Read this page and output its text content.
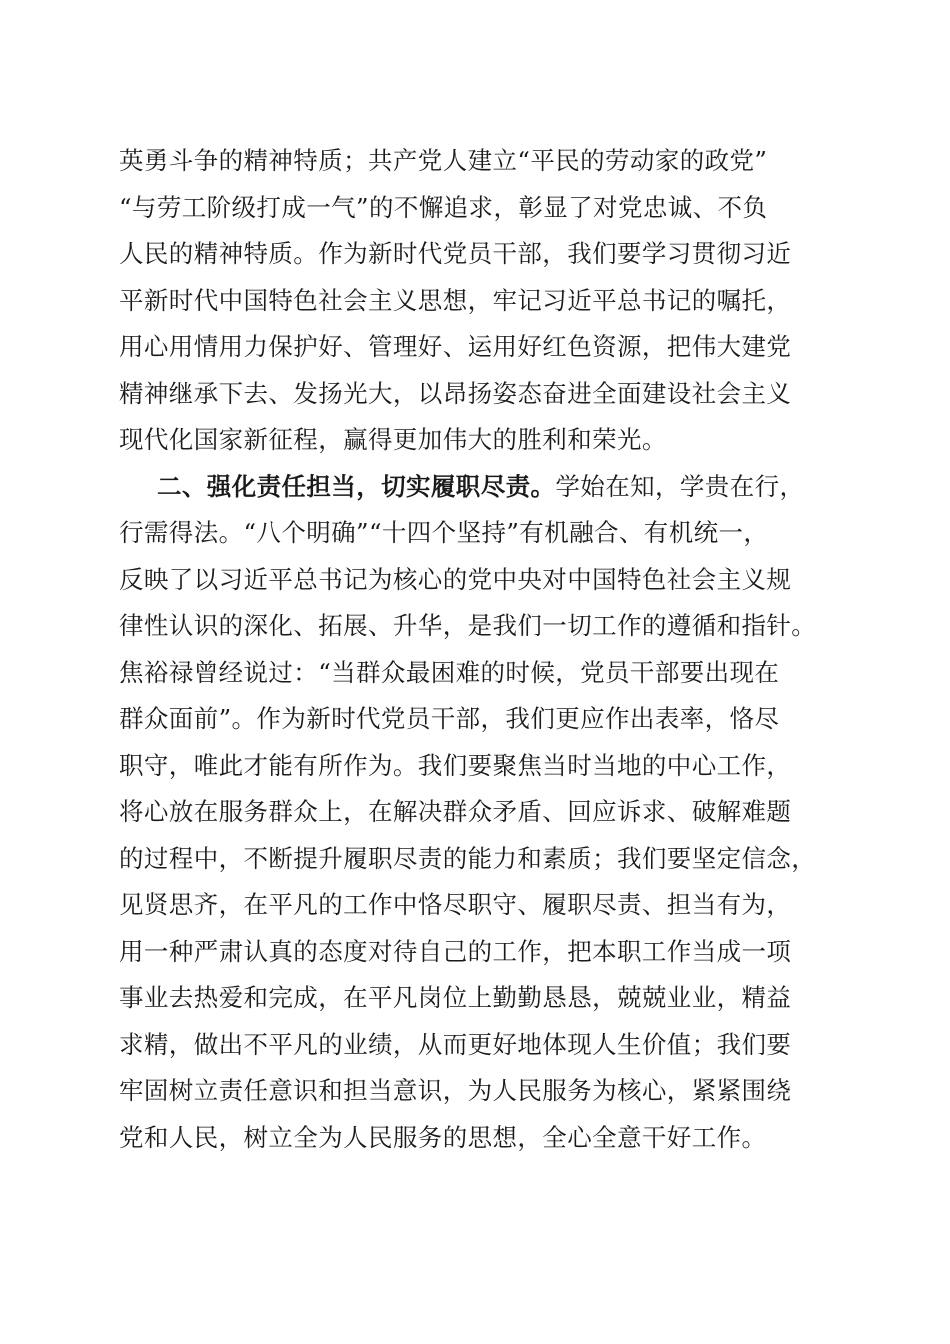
英勇斗争的精神特质；共产党人建立“平民的劳动家的政党”
“与劳工阶级打成一气”的不懈追求，彰显了对党忠诚、不负
人民的精神特质。作为新时代党员干部，我们要学习贯彻习近
平新时代中国特色社会主义思想，牢记习近平总书记的嘱托，
用心用情用力保护好、管理好、运用好红色资源，把伟大建党
精神继承下去、发扬光大，以昂扬姿态奋进全面建设社会主义
现代化国家新征程，赢得更加伟大的胜利和荣光。
二、强化责任担当，切实履职尽责。学始在知，学贵在行，
行需得法。“八个明确”“十四个坚持”有机融合、有机统一，
反映了以习近平总书记为核心的党中央对中国特色社会主义规
律性认识的深化、拓展、升华，是我们一切工作的遵循和指针。
焦裕禄曾经说过：“当群众最困难的时候，党员干部要出现在
群众面前”。作为新时代党员干部，我们更应作出表率，恪尽
职守，唯此才能有所作为。我们要聚焦当时当地的中心工作，
将心放在服务群众上，在解决群众矛盾、回应诉求、破解难题
的过程中，不断提升履职尽责的能力和素质；我们要坚定信念，
见贤思齐，在平凡的工作中恪尽职守、履职尽责、担当有为，
用一种严肃认真的态度对待自己的工作，把本职工作当成一项
事业去热爱和完成，在平凡岗位上勤勤恳恳，兢兢业业，精益
求精，做出不平凡的业绩，从而更好地体现人生价值；我们要
牢固树立责任意识和担当意识，为人民服务为核心，紧紧围绕
党和人民，树立全为人民服务的思想，全心全意干好工作。
